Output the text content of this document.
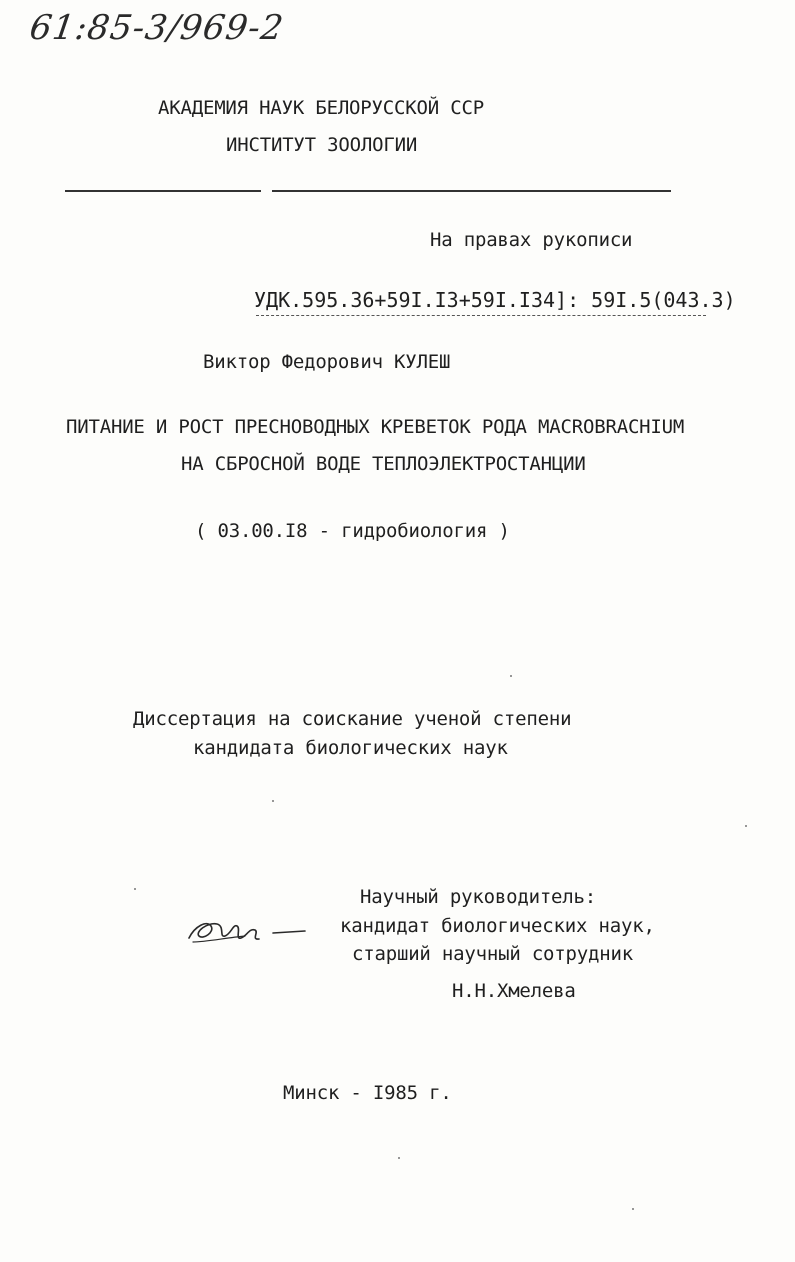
61:85-3/969-2
АКАДЕМИЯ НАУК БЕЛОРУССКОЙ ССР
ИНСТИТУТ ЗООЛОГИИ
На правах рукописи
УДК.595.36+59I.I3+59I.I34]: 59I.5(043.3)
Виктор Федорович КУЛЕШ
ПИТАНИЕ И РОСТ ПРЕСНОВОДНЫХ КРЕВЕТОК РОДА MACROBRACHIUM
НА СБРОСНОЙ ВОДЕ ТЕПЛОЭЛЕКТРОСТАНЦИИ
( 03.00.I8 - гидробиология )
Диссертация на соискание ученой степени
кандидата биологических наук
Научный руководитель:
кандидат биологических наук,
старший научный сотрудник
Н.Н.Хмелева
Минск - I985 г.
